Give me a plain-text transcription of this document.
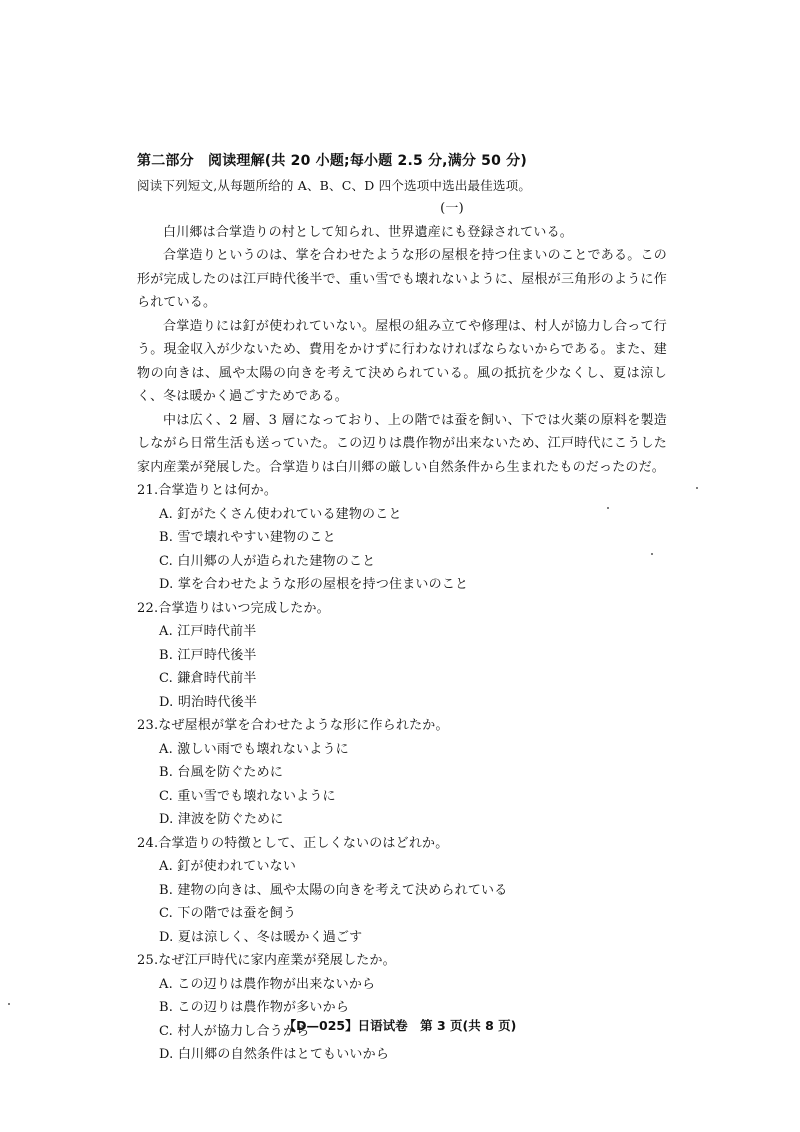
第二部分　阅读理解(共 20 小题;每小题 2.5 分,满分 50 分)
阅读下列短文,从每题所给的 A、B、C、D 四个选项中选出最佳选项。
(一)

白川郷は合掌造りの村として知られ、世界遺産にも登録されている。

合掌造りというのは、掌を合わせたような形の屋根を持つ住まいのことである。この形が完成したのは江戸時代後半で、重い雪でも壊れないように、屋根が三角形のように作られている。

合掌造りには釘が使われていない。屋根の組み立てや修理は、村人が協力し合って行う。現金収入が少ないため、費用をかけずに行わなければならないからである。また、建物の向きは、風や太陽の向きを考えて決められている。風の抵抗を少なくし、夏は涼しく、冬は暖かく過ごすためである。

中は広く、2 層、3 層になっており、上の階では蚕を飼い、下では火薬の原料を製造しながら日常生活も送っていた。この辺りは農作物が出来ないため、江戸時代にこうした家内産業が発展した。合掌造りは白川郷の厳しい自然条件から生まれたものだったのだ。

21.合掌造りとは何か。
A. 釘がたくさん使われている建物のこと
B. 雪で壊れやすい建物のこと
C. 白川郷の人が造られた建物のこと
D. 掌を合わせたような形の屋根を持つ住まいのこと
22.合掌造りはいつ完成したか。
A. 江戸時代前半
B. 江戸時代後半
C. 鎌倉時代前半
D. 明治時代後半
23.なぜ屋根が掌を合わせたような形に作られたか。
A. 激しい雨でも壊れないように
B. 台風を防ぐために
C. 重い雪でも壊れないように
D. 津波を防ぐために
24.合掌造りの特徴として、正しくないのはどれか。
A. 釘が使われていない
B. 建物の向きは、風や太陽の向きを考えて決められている
C. 下の階では蚕を飼う
D. 夏は涼しく、冬は暖かく過ごす
25.なぜ江戸時代に家内産業が発展したか。
A. この辺りは農作物が出来ないから
B. この辺りは農作物が多いから
C. 村人が協力し合うから
D. 白川郷の自然条件はとてもいいから
【D—025】日语试卷　第 3 页(共 8 页)
